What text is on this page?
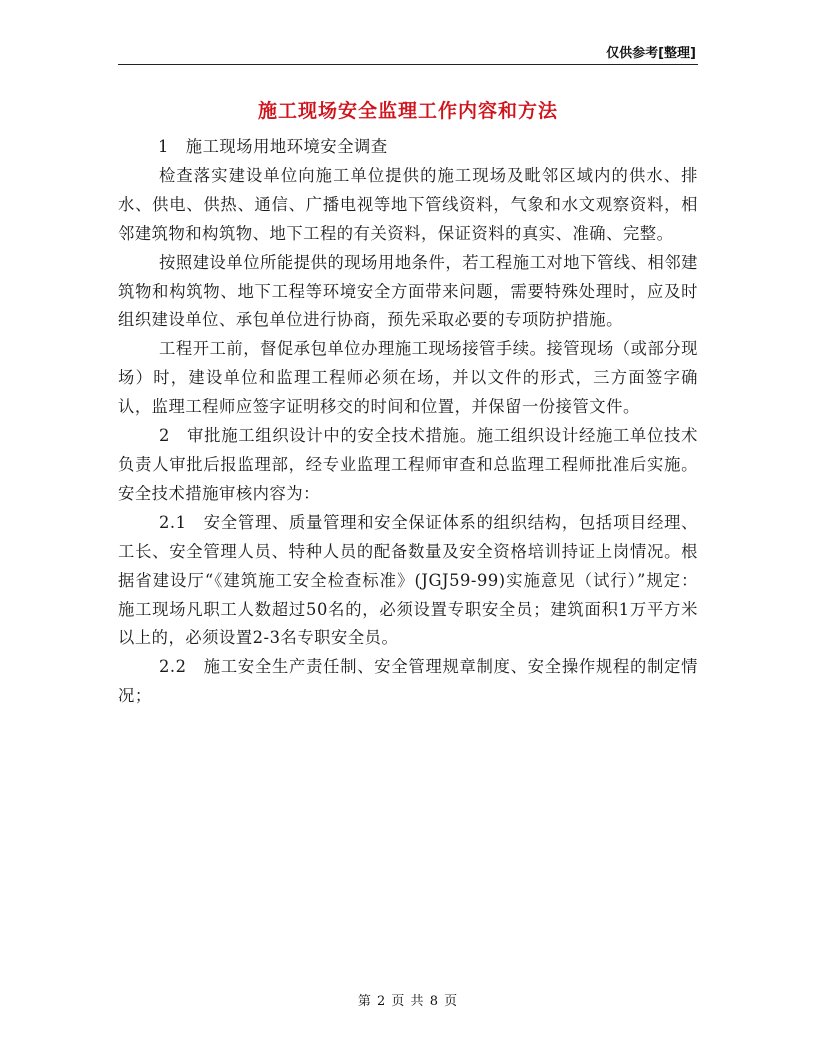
仅供参考[整理]
施工现场安全监理工作内容和方法

1　施工现场用地环境安全调查

检查落实建设单位向施工单位提供的施工现场及毗邻区域内的供水、排水、供电、供热、通信、广播电视等地下管线资料，气象和水文观察资料，相邻建筑物和构筑物、地下工程的有关资料，保证资料的真实、准确、完整。

按照建设单位所能提供的现场用地条件，若工程施工对地下管线、相邻建筑物和构筑物、地下工程等环境安全方面带来问题，需要特殊处理时，应及时组织建设单位、承包单位进行协商，预先采取必要的专项防护措施。

工程开工前，督促承包单位办理施工现场接管手续。接管现场（或部分现场）时，建设单位和监理工程师必须在场，并以文件的形式，三方面签字确认，监理工程师应签字证明移交的时间和位置，并保留一份接管文件。

2　审批施工组织设计中的安全技术措施。施工组织设计经施工单位技术负责人审批后报监理部，经专业监理工程师审查和总监理工程师批准后实施。安全技术措施审核内容为：

2.1　安全管理、质量管理和安全保证体系的组织结构，包括项目经理、工长、安全管理人员、特种人员的配备数量及安全资格培训持证上岗情况。根据省建设厅“《建筑施工安全检查标准》(JGJ59-99)实施意见（试行）”规定：施工现场凡职工人数超过50名的，必须设置专职安全员；建筑面积1万平方米以上的，必须设置2-3名专职安全员。

2.2　施工安全生产责任制、安全管理规章制度、安全操作规程的制定情况；

第 2 页 共 8 页
